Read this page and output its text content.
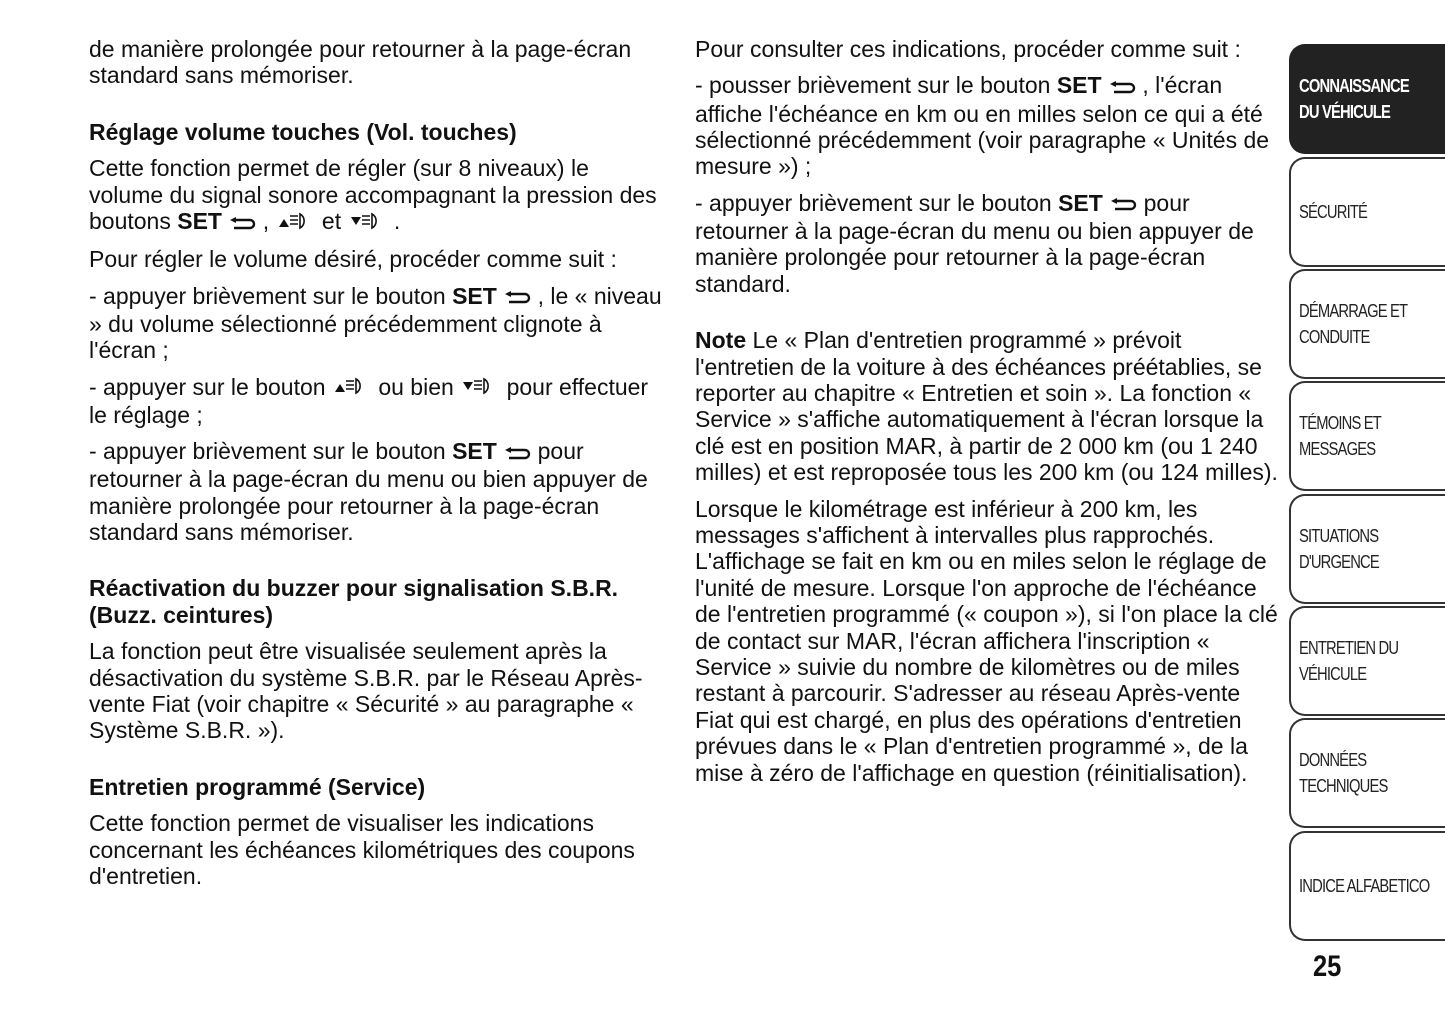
de manière prolongée pour retourner à la page-écran standard sans mémoriser.

Réglage volume touches (Vol. touches)

Cette fonction permet de régler (sur 8 niveaux) le volume du signal sonore accompagnant la pression des boutons SET  ,  et  .

Pour régler le volume désiré, procéder comme suit :

- appuyer brièvement sur le bouton SET  , le « niveau » du volume sélectionné précédemment clignote à l'écran ;

- appuyer sur le bouton  ou bien  pour effectuer le réglage ;

- appuyer brièvement sur le bouton SET  pour retourner à la page-écran du menu ou bien appuyer de manière prolongée pour retourner à la page-écran standard sans mémoriser.

Réactivation du buzzer pour signalisation S.B.R. (Buzz. ceintures)

La fonction peut être visualisée seulement après la désactivation du système S.B.R. par le Réseau Après-vente Fiat (voir chapitre « Sécurité » au paragraphe « Système S.B.R. »).

Entretien programmé (Service)

Cette fonction permet de visualiser les indications concernant les échéances kilométriques des coupons d'entretien.

Pour consulter ces indications, procéder comme suit :

- pousser brièvement sur le bouton SET  , l'écran affiche l'échéance en km ou en milles selon ce qui a été sélectionné précédemment (voir paragraphe « Unités de mesure ») ;

- appuyer brièvement sur le bouton SET  pour retourner à la page-écran du menu ou bien appuyer de manière prolongée pour retourner à la page-écran standard.

Note Le « Plan d'entretien programmé » prévoit l'entretien de la voiture à des échéances préétablies, se reporter au chapitre « Entretien et soin ». La fonction « Service » s'affiche automatiquement à l'écran lorsque la clé est en position MAR, à partir de 2 000 km (ou 1 240 milles) et est reproposée tous les 200 km (ou 124 milles).

Lorsque le kilométrage est inférieur à 200 km, les messages s'affichent à intervalles plus rapprochés. L'affichage se fait en km ou en miles selon le réglage de l'unité de mesure. Lorsque l'on approche de l'échéance de l'entretien programmé (« coupon »), si l'on place la clé de contact sur MAR, l'écran affichera l'inscription « Service » suivie du nombre de kilomètres ou de miles restant à parcourir. S'adresser au réseau Après-vente Fiat qui est chargé, en plus des opérations d'entretien prévues dans le « Plan d'entretien programmé », de la mise à zéro de l'affichage en question (réinitialisation).

CONNAISSANCE
DU VÉHICULE
SÉCURITÉ
DÉMARRAGE ET
CONDUITE
TÉMOINS ET
MESSAGES
SITUATIONS
D'URGENCE
ENTRETIEN DU
VÉHICULE
DONNÉES
TECHNIQUES
INDICE ALFABETICO
25
